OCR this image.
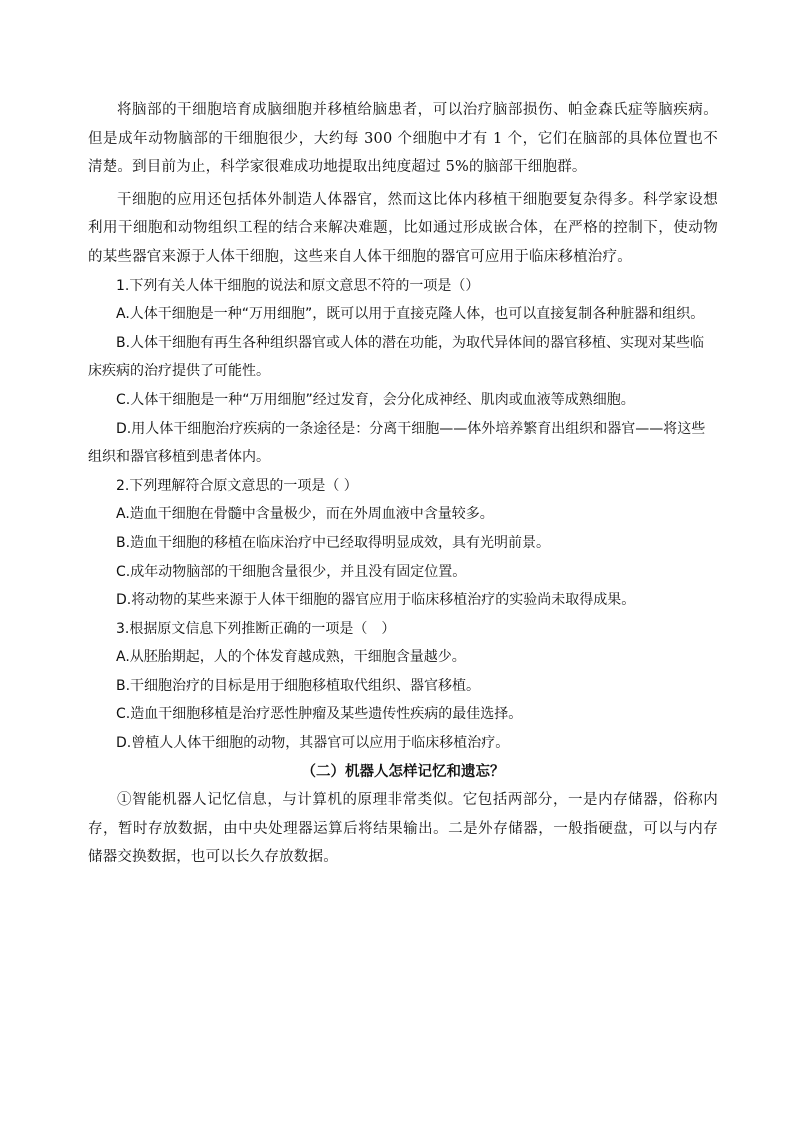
将脑部的干细胞培育成脑细胞并移植给脑患者，可以治疗脑部损伤、帕金森氏症等脑疾病。但是成年动物脑部的干细胞很少，大约每 300 个细胞中才有 1 个，它们在脑部的具体位置也不清楚。到目前为止，科学家很难成功地提取出纯度超过 5%的脑部干细胞群。

干细胞的应用还包括体外制造人体器官，然而这比体内移植干细胞要复杂得多。科学家设想利用干细胞和动物组织工程的结合来解决难题，比如通过形成嵌合体，在严格的控制下，使动物的某些器官来源于人体干细胞，这些来自人体干细胞的器官可应用于临床移植治疗。

1.下列有关人体干细胞的说法和原文意思不符的一项是（）

A.人体干细胞是一种“万用细胞”，既可以用于直接克隆人体，也可以直接复制各种脏器和组织。

B.人体干细胞有再生各种组织器官或人体的潜在功能，为取代异体间的器官移植、实现对某些临床疾病的治疗提供了可能性。

C.人体干细胞是一种“万用细胞”经过发育，会分化成神经、肌肉或血液等成熟细胞。

D.用人体干细胞治疗疾病的一条途径是：分离干细胞——体外培养繁育出组织和器官——将这些组织和器官移植到患者体内。

2.下列理解符合原文意思的一项是（ ）

A.造血干细胞在骨髓中含量极少，而在外周血液中含量较多。

B.造血干细胞的移植在临床治疗中已经取得明显成效，具有光明前景。

C.成年动物脑部的干细胞含量很少，并且没有固定位置。

D.将动物的某些来源于人体干细胞的器官应用于临床移植治疗的实验尚未取得成果。

3.根据原文信息下列推断正确的一项是（　）

A.从胚胎期起，人的个体发育越成熟，干细胞含量越少。

B.干细胞治疗的目标是用于细胞移植取代组织、器官移植。

C.造血干细胞移植是治疗恶性肿瘤及某些遗传性疾病的最佳选择。

D.曾植人人体干细胞的动物，其器官可以应用于临床移植治疗。

（二）机器人怎样记忆和遗忘？

①智能机器人记忆信息，与计算机的原理非常类似。它包括两部分，一是内存储器，俗称内存，暂时存放数据，由中央处理器运算后将结果输出。二是外存储器，一般指硬盘，可以与内存储器交换数据，也可以长久存放数据。
